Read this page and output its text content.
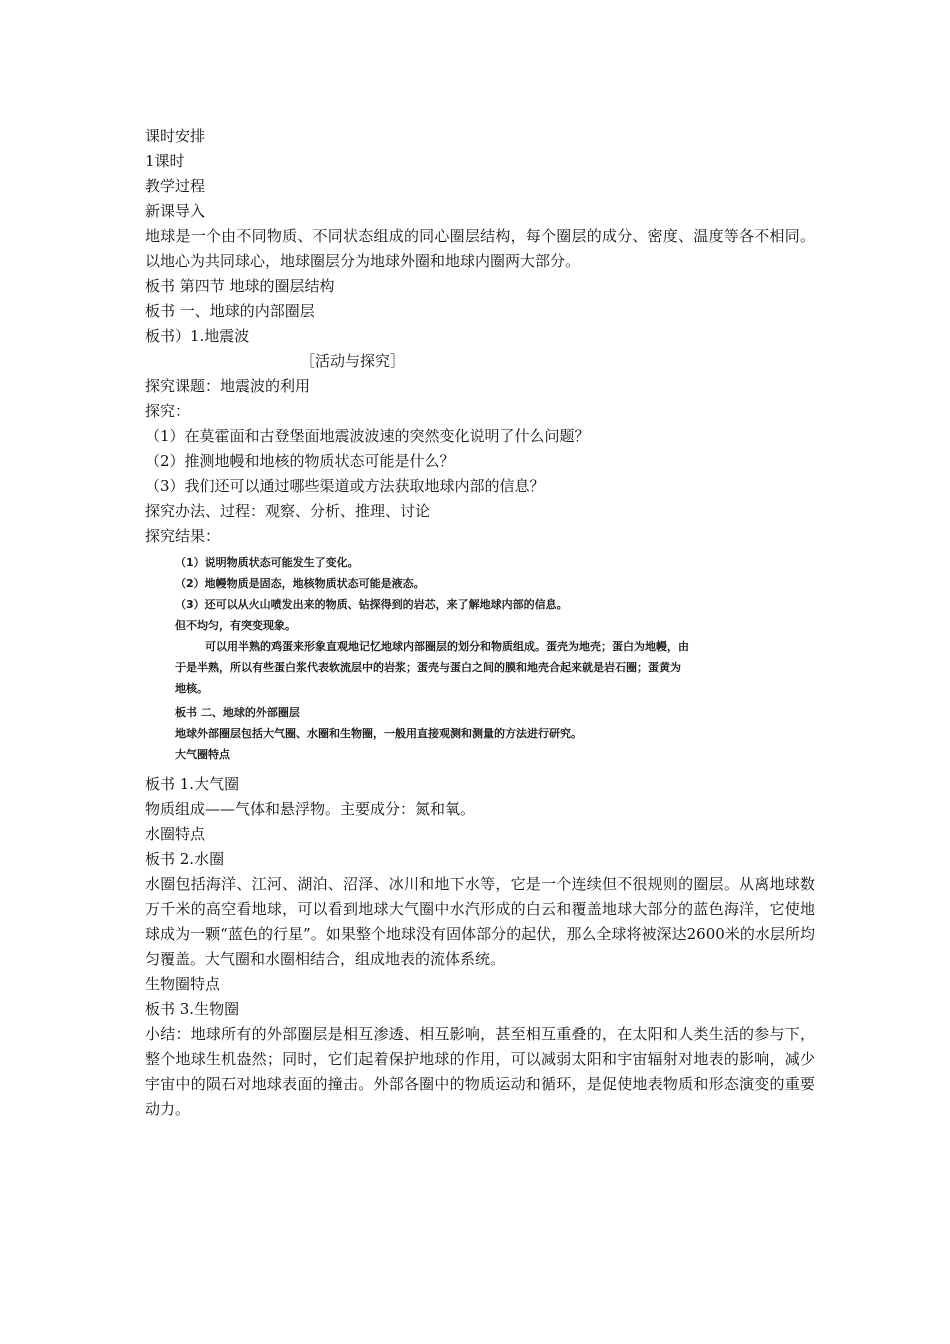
课时安排
1课时
教学过程
新课导入
地球是一个由不同物质、不同状态组成的同心圈层结构，每个圈层的成分、密度、温度等各不相同。以地心为共同球心，地球圈层分为地球外圈和地球内圈两大部分。
板书 第四节 地球的圈层结构
板书 一、地球的内部圈层
板书）1.地震波
［活动与探究］
探究课题：地震波的利用
探究：
（1）在莫霍面和古登堡面地震波波速的突然变化说明了什么问题？
（2）推测地幔和地核的物质状态可能是什么？
（3）我们还可以通过哪些渠道或方法获取地球内部的信息？
探究办法、过程：观察、分析、推理、讨论
探究结果：
（1）说明物质状态可能发生了变化。
（2）地幔物质是固态，地核物质状态可能是液态。
（3）还可以从火山喷发出来的物质、钻探得到的岩芯，来了解地球内部的信息。
但不均匀，有突变现象。
可以用半熟的鸡蛋来形象直观地记忆地球内部圈层的划分和物质组成。蛋壳为地壳；蛋白为地幔，由
于是半熟，所以有些蛋白浆代表软流层中的岩浆；蛋壳与蛋白之间的膜和地壳合起来就是岩石圈；蛋黄为
地核。
板书 二、地球的外部圈层
地球外部圈层包括大气圈、水圈和生物圈，一般用直接观测和测量的方法进行研究。
大气圈特点
板书 1.大气圈
物质组成——气体和悬浮物。主要成分：氮和氧。
水圈特点
板书 2.水圈
水圈包括海洋、江河、湖泊、沼泽、冰川和地下水等，它是一个连续但不很规则的圈层。从离地球数万千米的高空看地球，可以看到地球大气圈中水汽形成的白云和覆盖地球大部分的蓝色海洋，它使地球成为一颗“蓝色的行星”。如果整个地球没有固体部分的起伏，那么全球将被深达2600米的水层所均匀覆盖。大气圈和水圈相结合，组成地表的流体系统。
生物圈特点
板书 3.生物圈
小结：地球所有的外部圈层是相互渗透、相互影响，甚至相互重叠的，在太阳和人类生活的参与下，整个地球生机盎然；同时，它们起着保护地球的作用，可以减弱太阳和宇宙辐射对地表的影响，减少宇宙中的陨石对地球表面的撞击。外部各圈中的物质运动和循环，是促使地表物质和形态演变的重要动力。
